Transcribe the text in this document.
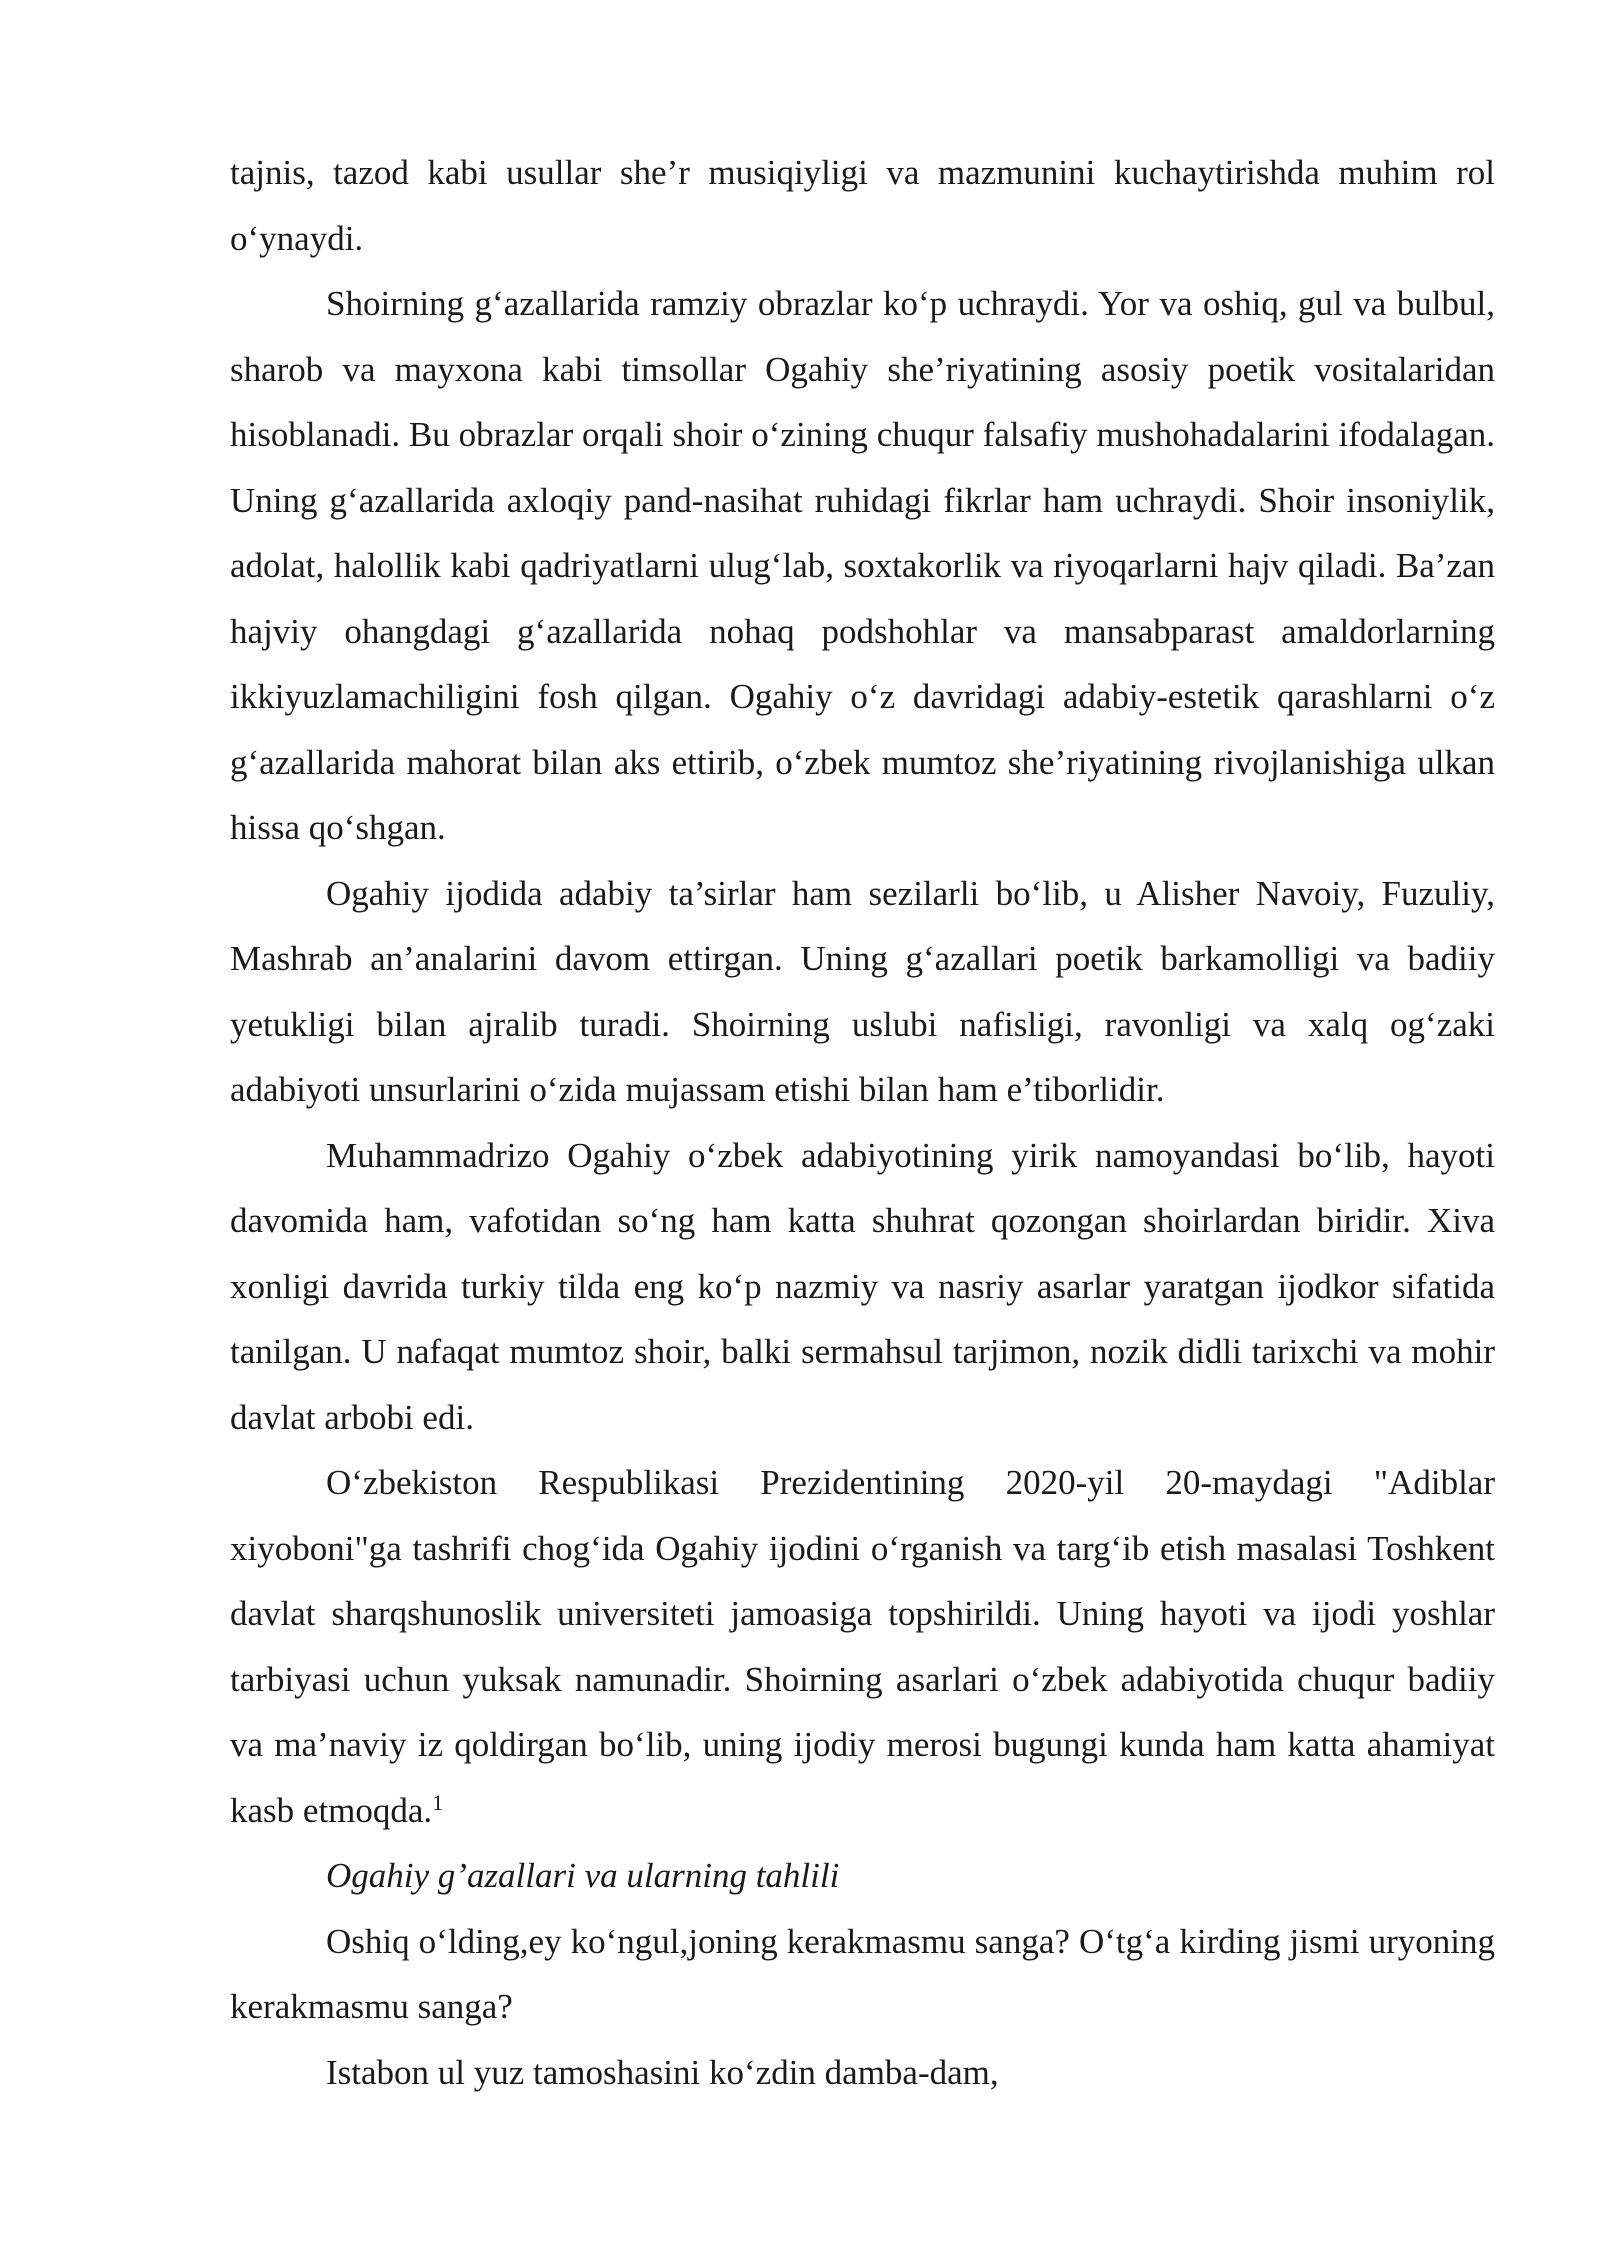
tajnis, tazod kabi usullar she’r musiqiyligi va mazmunini kuchaytirishda muhim rol o‘ynaydi.

Shoirning g‘azallarida ramziy obrazlar ko‘p uchraydi. Yor va oshiq, gul va bulbul, sharob va mayxona kabi timsollar Ogahiy she’riyatining asosiy poetik vositalaridan hisoblanadi. Bu obrazlar orqali shoir o‘zining chuqur falsafiy mushohadalarini ifodalagan. Uning g‘azallarida axloqiy pand-nasihat ruhidagi fikrlar ham uchraydi. Shoir insoniylik, adolat, halollik kabi qadriyatlarni ulug‘lab, soxtakorlik va riyoqarlarni hajv qiladi. Ba’zan hajviy ohangdagi g‘azallarida nohaq podshohlar va mansabparast amaldorlarning ikkiyuzlamachiligini fosh qilgan. Ogahiy o‘z davridagi adabiy-estetik qarashlarni o‘z g‘azallarida mahorat bilan aks ettirib, o‘zbek mumtoz she’riyatining rivojlanishiga ulkan hissa qo‘shgan.

Ogahiy ijodida adabiy ta’sirlar ham sezilarli bo‘lib, u Alisher Navoiy, Fuzuliy, Mashrab an’analarini davom ettirgan. Uning g‘azallari poetik barkamolligi va badiiy yetukligi bilan ajralib turadi. Shoirning uslubi nafisligi, ravonligi va xalq og‘zaki adabiyoti unsurlarini o‘zida mujassam etishi bilan ham e’tiborlidir.

Muhammadrizo Ogahiy o‘zbek adabiyotining yirik namoyandasi bo‘lib, hayoti davomida ham, vafotidan so‘ng ham katta shuhrat qozongan shoirlardan biridir. Xiva xonligi davrida turkiy tilda eng ko‘p nazmiy va nasriy asarlar yaratgan ijodkor sifatida tanilgan. U nafaqat mumtoz shoir, balki sermahsul tarjimon, nozik didli tarixchi va mohir davlat arbobi edi.

O‘zbekiston Respublikasi Prezidentining 2020-yil 20-maydagi "Adiblar xiyoboni"ga tashrifi chog‘ida Ogahiy ijodini o‘rganish va targ‘ib etish masalasi Toshkent davlat sharqshunoslik universiteti jamoasiga topshirildi. Uning hayoti va ijodi yoshlar tarbiyasi uchun yuksak namunadir. Shoirning asarlari o‘zbek adabiyotida chuqur badiiy va ma’naviy iz qoldirgan bo‘lib, uning ijodiy merosi bugungi kunda ham katta ahamiyat kasb etmoqda.$^1$

Ogahiy g’azallari va ularning tahlili

Oshiq o‘lding,ey ko‘ngul,joning kerakmasmu sanga? O‘tg‘a kirding jismi uryoning kerakmasmu sanga?

Istabon ul yuz tamoshasini ko‘zdin damba-dam,
